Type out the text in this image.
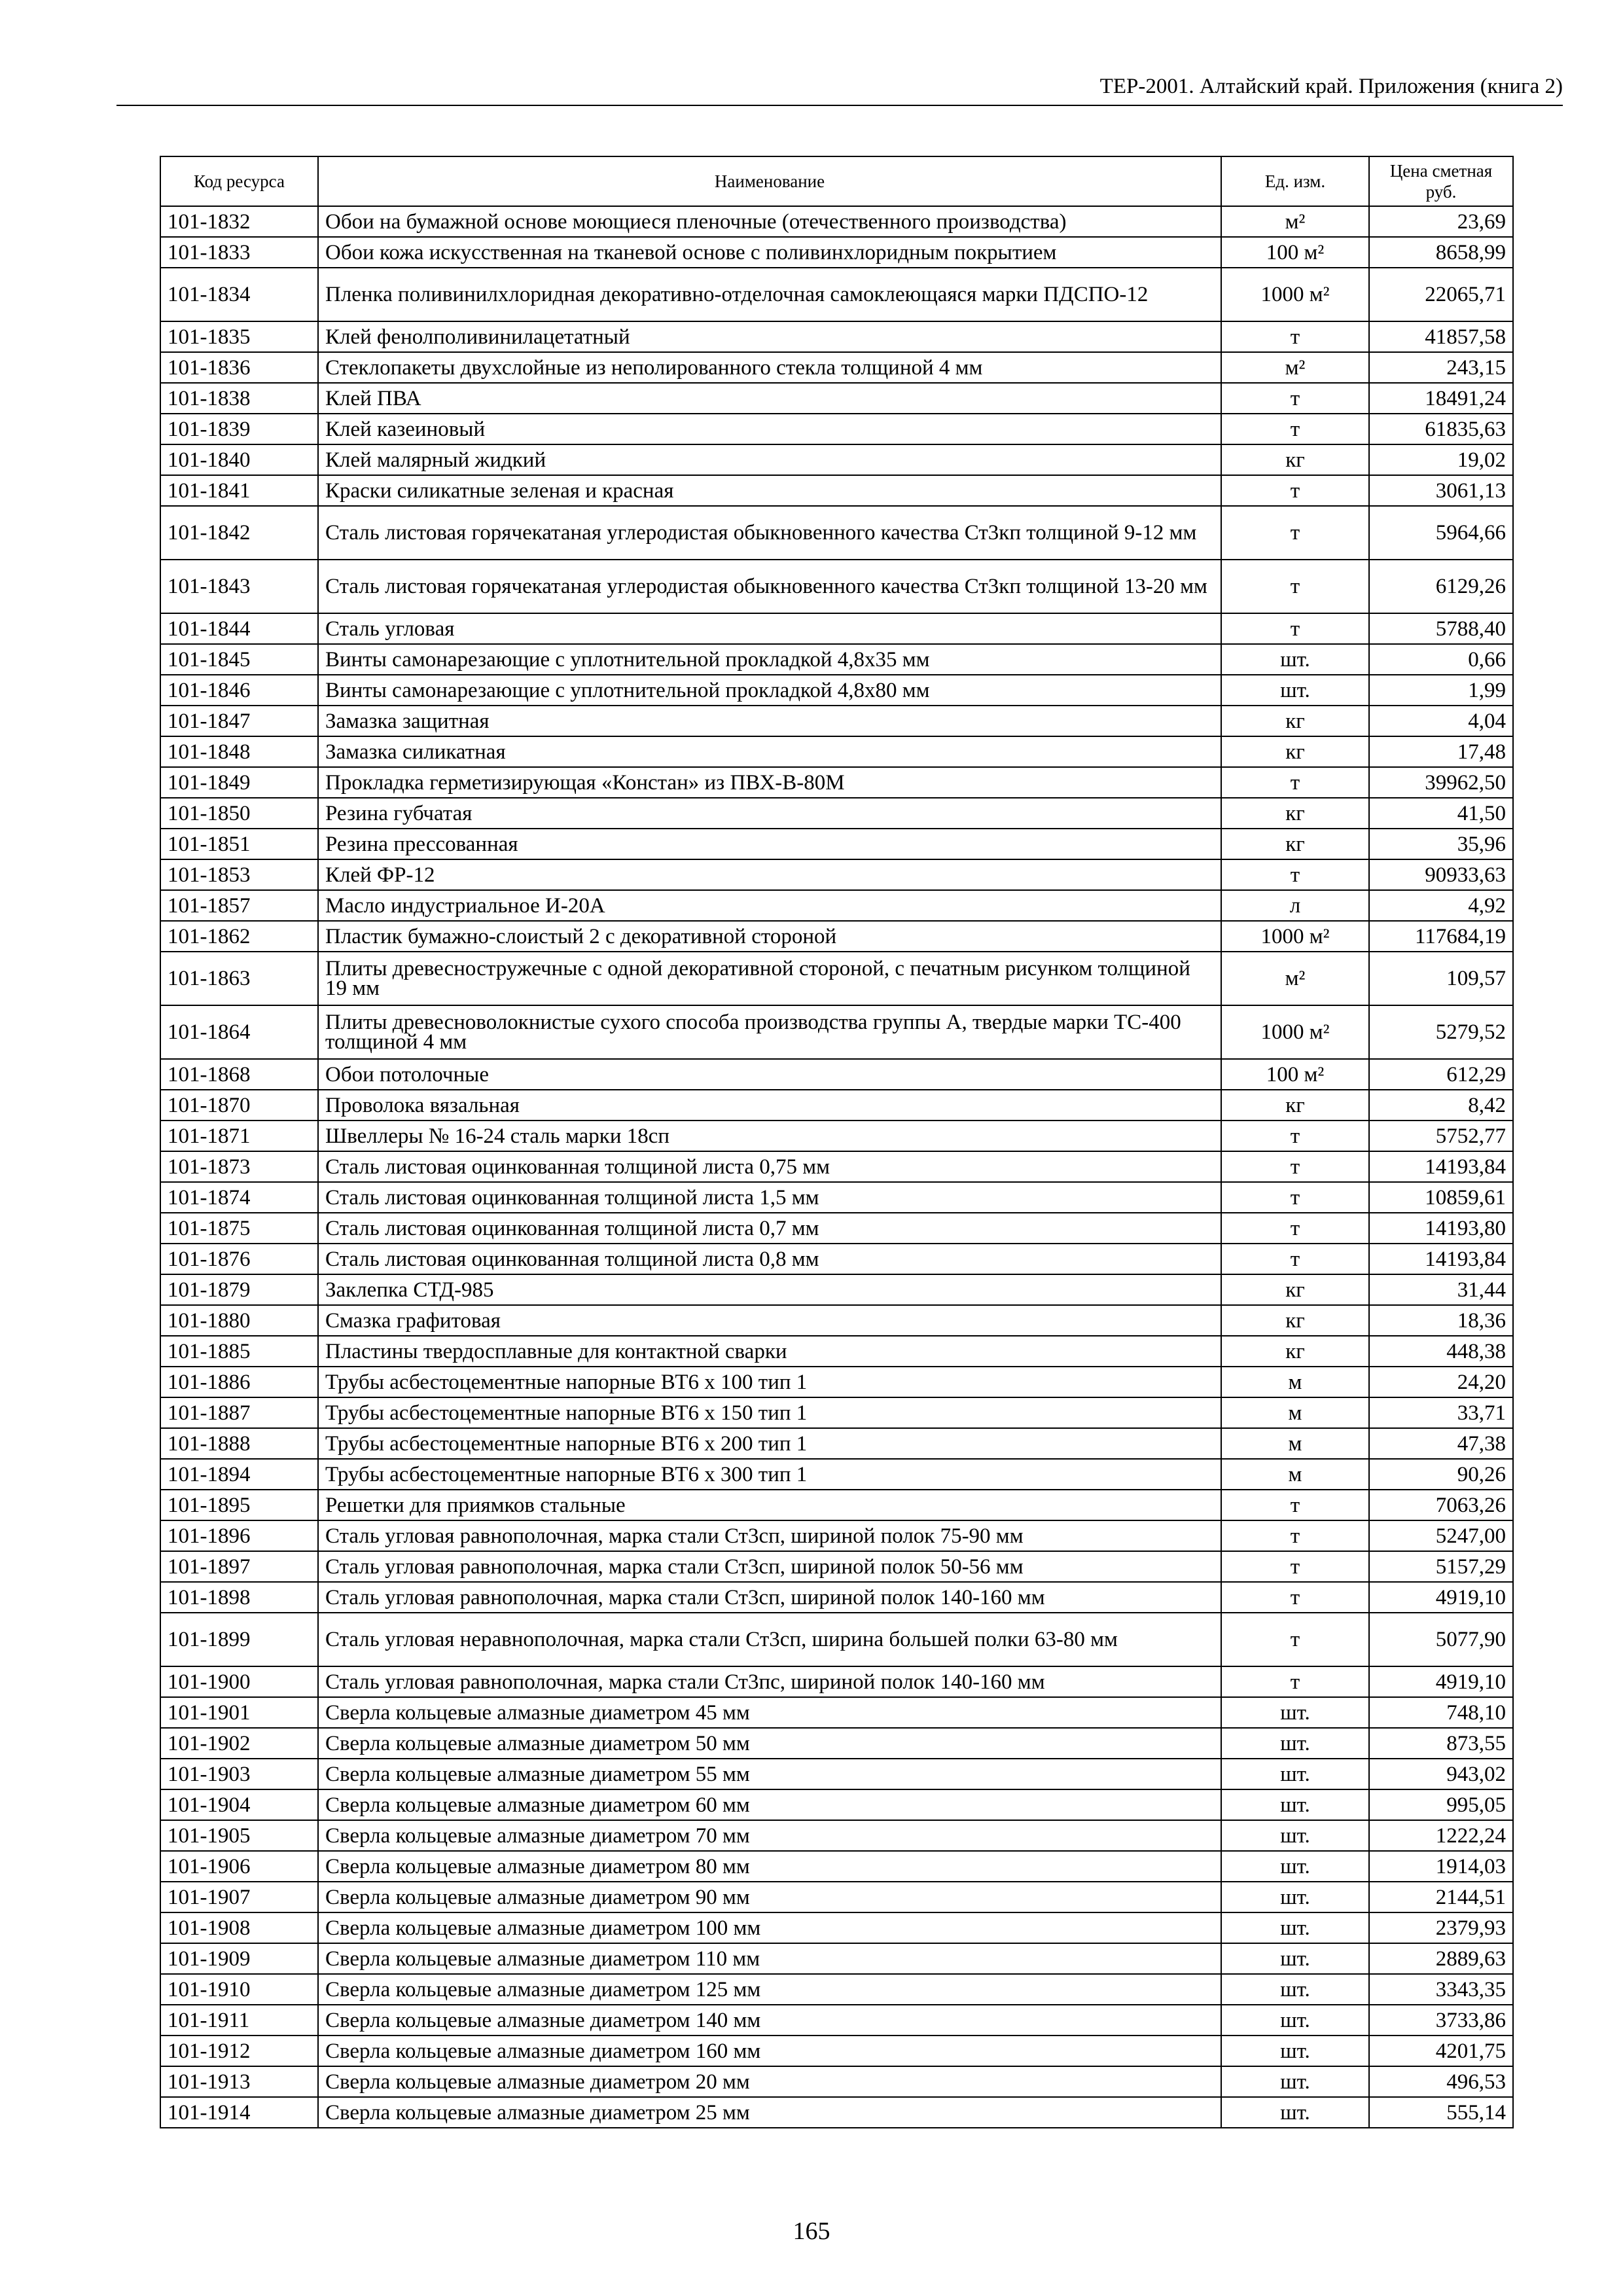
ТЕР-2001. Алтайский край. Приложения (книга 2)
Код ресурса	Наименование	Ед. изм.	Цена сметная руб.
101-1832	Обои на бумажной основе моющиеся пленочные (отечественного производства)	м²	23,69
101-1833	Обои кожа искусственная на тканевой основе с поливинхлоридным покрытием	100 м²	8658,99
101-1834	Пленка поливинилхлоридная декоративно-отделочная самоклеющаяся марки ПДСПО-12	1000 м²	22065,71
101-1835	Клей фенолполивинилацетатный	т	41857,58
101-1836	Стеклопакеты двухслойные из неполированного стекла толщиной 4 мм	м²	243,15
101-1838	Клей ПВА	т	18491,24
101-1839	Клей казеиновый	т	61835,63
101-1840	Клей малярный жидкий	кг	19,02
101-1841	Краски силикатные зеленая и красная	т	3061,13
101-1842	Сталь листовая горячекатаная углеродистая обыкновенного качества Ст3кп толщиной 9-12 мм	т	5964,66
101-1843	Сталь листовая горячекатаная углеродистая обыкновенного качества Ст3кп толщиной 13-20 мм	т	6129,26
101-1844	Сталь угловая	т	5788,40
101-1845	Винты самонарезающие с уплотнительной прокладкой 4,8х35 мм	шт.	0,66
101-1846	Винты самонарезающие с уплотнительной прокладкой 4,8х80 мм	шт.	1,99
101-1847	Замазка защитная	кг	4,04
101-1848	Замазка силикатная	кг	17,48
101-1849	Прокладка герметизирующая «Констан» из ПВХ-В-80М	т	39962,50
101-1850	Резина губчатая	кг	41,50
101-1851	Резина прессованная	кг	35,96
101-1853	Клей ФР-12	т	90933,63
101-1857	Масло индустриальное И-20А	л	4,92
101-1862	Пластик бумажно-слоистый 2 с декоративной стороной	1000 м²	117684,19
101-1863	Плиты древесностружечные с одной декоративной стороной, с печатным рисунком толщиной 19 мм	м²	109,57
101-1864	Плиты древесноволокнистые сухого способа производства группы А, твердые марки ТС-400 толщиной 4 мм	1000 м²	5279,52
101-1868	Обои потолочные	100 м²	612,29
101-1870	Проволока вязальная	кг	8,42
101-1871	Швеллеры № 16-24 сталь марки 18сп	т	5752,77
101-1873	Сталь листовая оцинкованная толщиной листа 0,75 мм	т	14193,84
101-1874	Сталь листовая оцинкованная толщиной листа 1,5 мм	т	10859,61
101-1875	Сталь листовая оцинкованная толщиной листа 0,7 мм	т	14193,80
101-1876	Сталь листовая оцинкованная толщиной листа 0,8 мм	т	14193,84
101-1879	Заклепка СТД-985	кг	31,44
101-1880	Смазка графитовая	кг	18,36
101-1885	Пластины твердосплавные для контактной сварки	кг	448,38
101-1886	Трубы асбестоцементные напорные ВТ6 х 100 тип 1	м	24,20
101-1887	Трубы асбестоцементные напорные ВТ6 х 150 тип 1	м	33,71
101-1888	Трубы асбестоцементные напорные ВТ6 х 200 тип 1	м	47,38
101-1894	Трубы асбестоцементные напорные ВТ6 х 300 тип 1	м	90,26
101-1895	Решетки для приямков стальные	т	7063,26
101-1896	Сталь угловая равнополочная, марка стали Ст3сп, шириной полок 75-90 мм	т	5247,00
101-1897	Сталь угловая равнополочная, марка стали Ст3сп, шириной полок 50-56 мм	т	5157,29
101-1898	Сталь угловая равнополочная, марка стали Ст3сп, шириной полок 140-160 мм	т	4919,10
101-1899	Сталь угловая неравнополочная, марка стали Ст3сп, ширина большей полки 63-80 мм	т	5077,90
101-1900	Сталь угловая равнополочная, марка стали Ст3пс, шириной полок 140-160 мм	т	4919,10
101-1901	Сверла кольцевые алмазные диаметром 45 мм	шт.	748,10
101-1902	Сверла кольцевые алмазные диаметром 50 мм	шт.	873,55
101-1903	Сверла кольцевые алмазные диаметром 55 мм	шт.	943,02
101-1904	Сверла кольцевые алмазные диаметром 60 мм	шт.	995,05
101-1905	Сверла кольцевые алмазные диаметром 70 мм	шт.	1222,24
101-1906	Сверла кольцевые алмазные диаметром 80 мм	шт.	1914,03
101-1907	Сверла кольцевые алмазные диаметром 90 мм	шт.	2144,51
101-1908	Сверла кольцевые алмазные диаметром 100 мм	шт.	2379,93
101-1909	Сверла кольцевые алмазные диаметром 110 мм	шт.	2889,63
101-1910	Сверла кольцевые алмазные диаметром 125 мм	шт.	3343,35
101-1911	Сверла кольцевые алмазные диаметром 140 мм	шт.	3733,86
101-1912	Сверла кольцевые алмазные диаметром 160 мм	шт.	4201,75
101-1913	Сверла кольцевые алмазные диаметром 20 мм	шт.	496,53
101-1914	Сверла кольцевые алмазные диаметром 25 мм	шт.	555,14
165
